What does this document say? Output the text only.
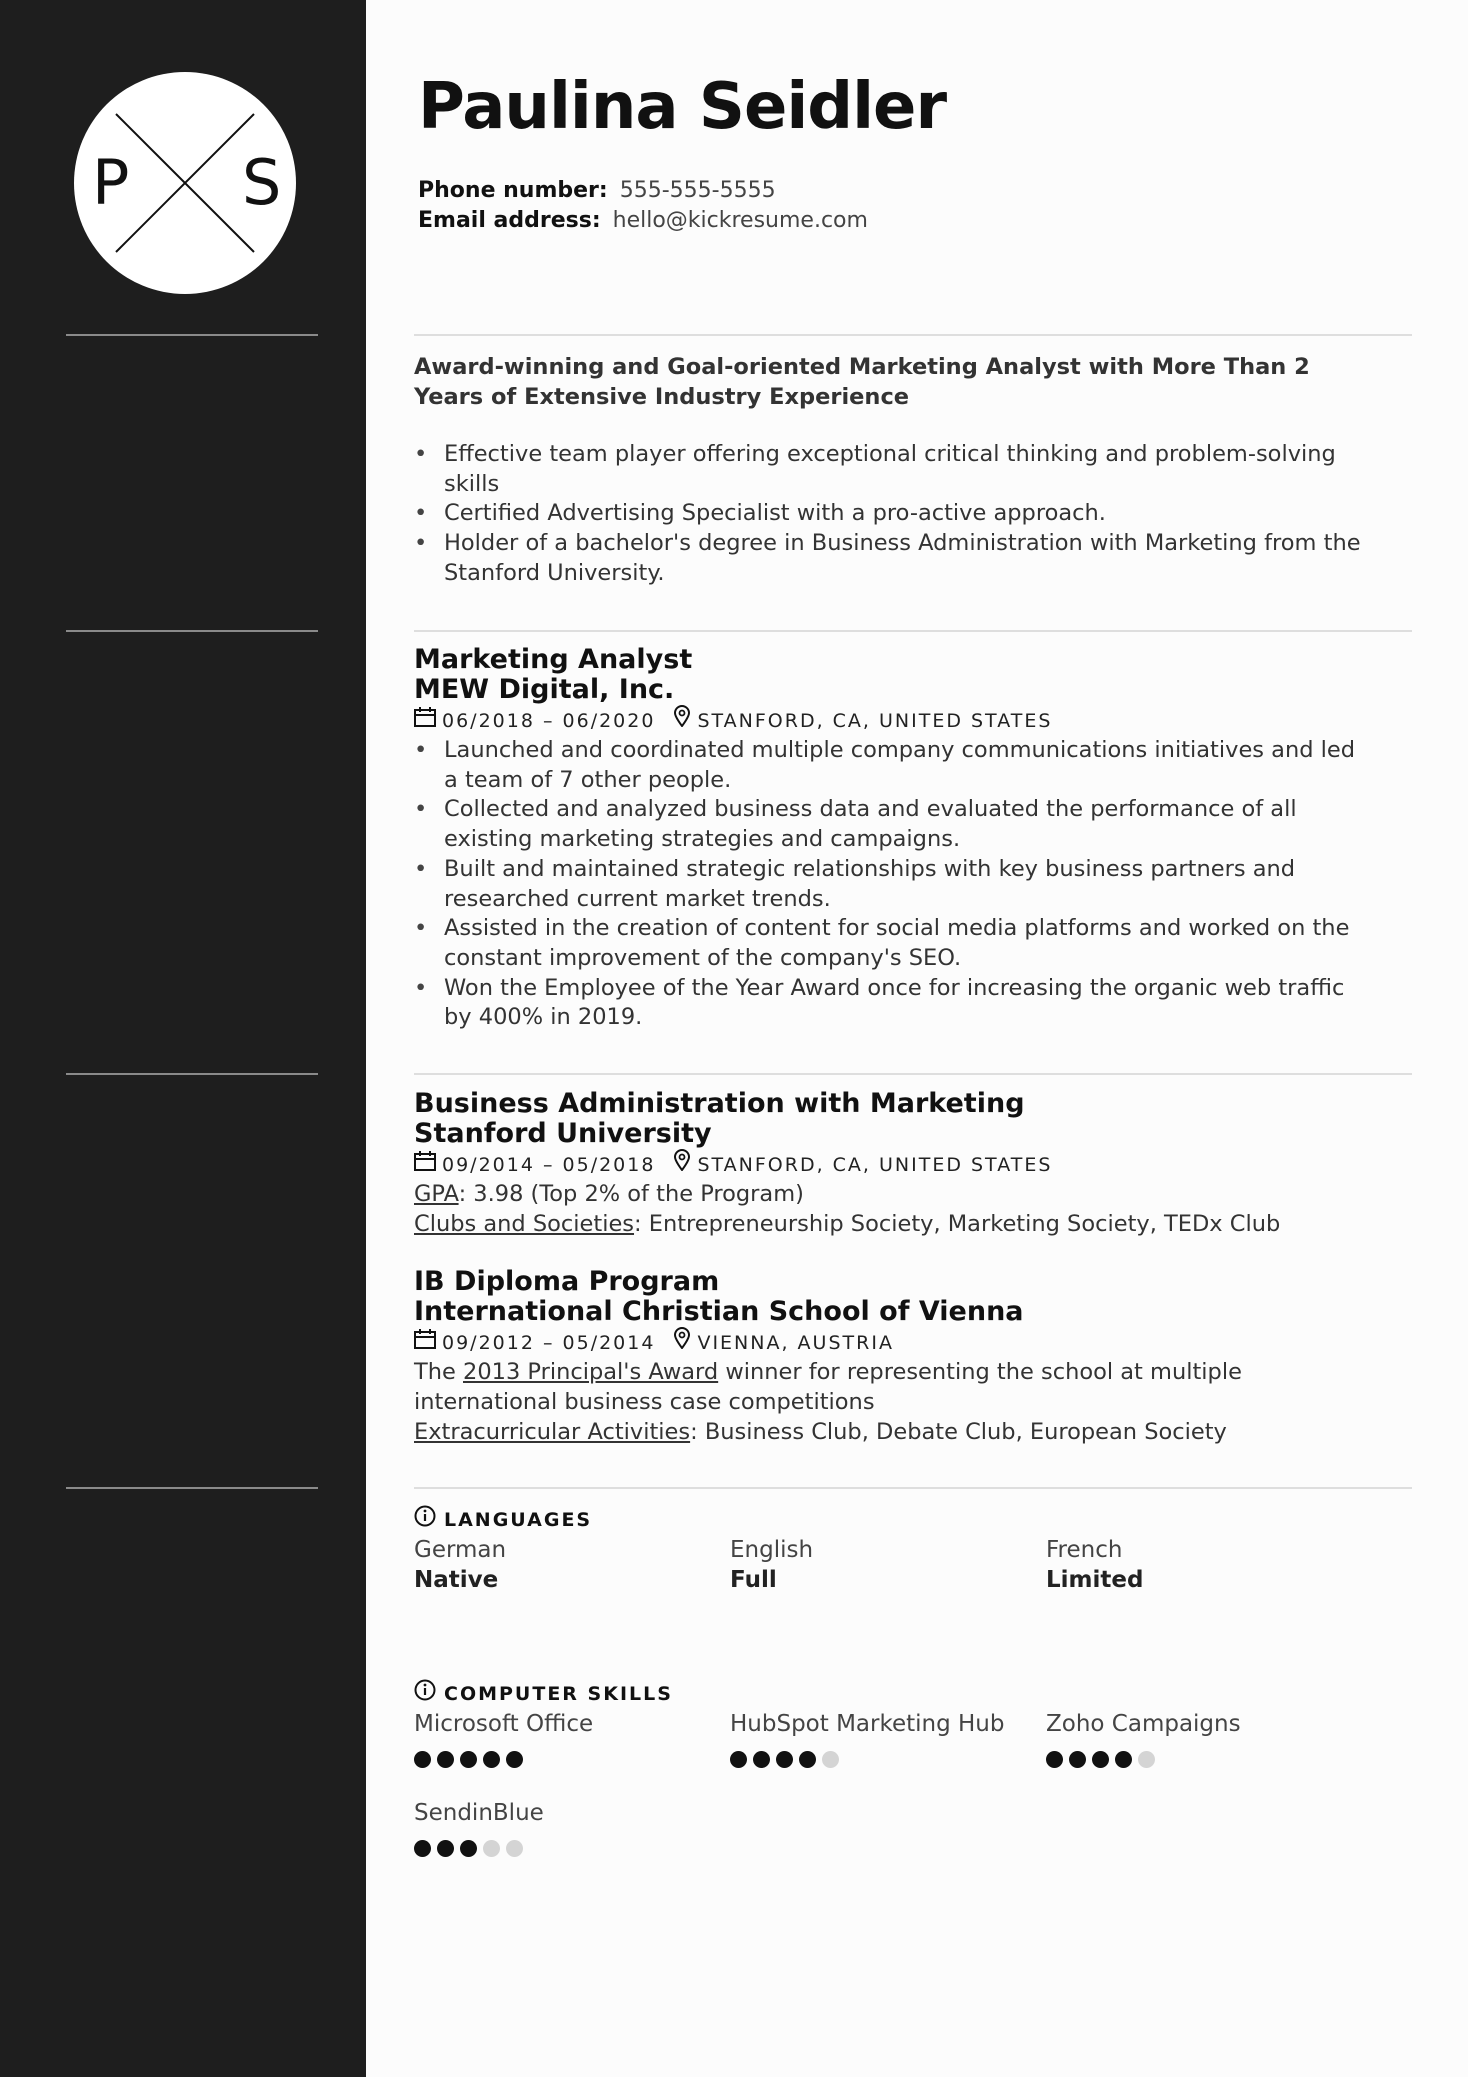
P S
Paulina Seidler
Phone number: 555-555-5555
Email address: hello@kickresume.com
Award-winning and Goal-oriented Marketing Analyst with More Than 2 Years of Extensive Industry Experience
• Effective team player offering exceptional critical thinking and problem-solving skills
• Certified Advertising Specialist with a pro-active approach.
• Holder of a bachelor's degree in Business Administration with Marketing from the Stanford University.
Marketing Analyst
MEW Digital, Inc.
06/2018 – 06/2020 STANFORD, CA, UNITED STATES
• Launched and coordinated multiple company communications initiatives and led a team of 7 other people.
• Collected and analyzed business data and evaluated the performance of all existing marketing strategies and campaigns.
• Built and maintained strategic relationships with key business partners and researched current market trends.
• Assisted in the creation of content for social media platforms and worked on the constant improvement of the company's SEO.
• Won the Employee of the Year Award once for increasing the organic web traffic by 400% in 2019.
Business Administration with Marketing
Stanford University
09/2014 – 05/2018 STANFORD, CA, UNITED STATES
GPA: 3.98 (Top 2% of the Program)
Clubs and Societies: Entrepreneurship Society, Marketing Society, TEDx Club
IB Diploma Program
International Christian School of Vienna
09/2012 – 05/2014 VIENNA, AUSTRIA
The 2013 Principal's Award winner for representing the school at multiple international business case competitions
Extracurricular Activities: Business Club, Debate Club, European Society
LANGUAGES
German
Native
English
Full
French
Limited
COMPUTER SKILLS
Microsoft Office	HubSpot Marketing Hub	Zoho Campaigns
SendinBlue
